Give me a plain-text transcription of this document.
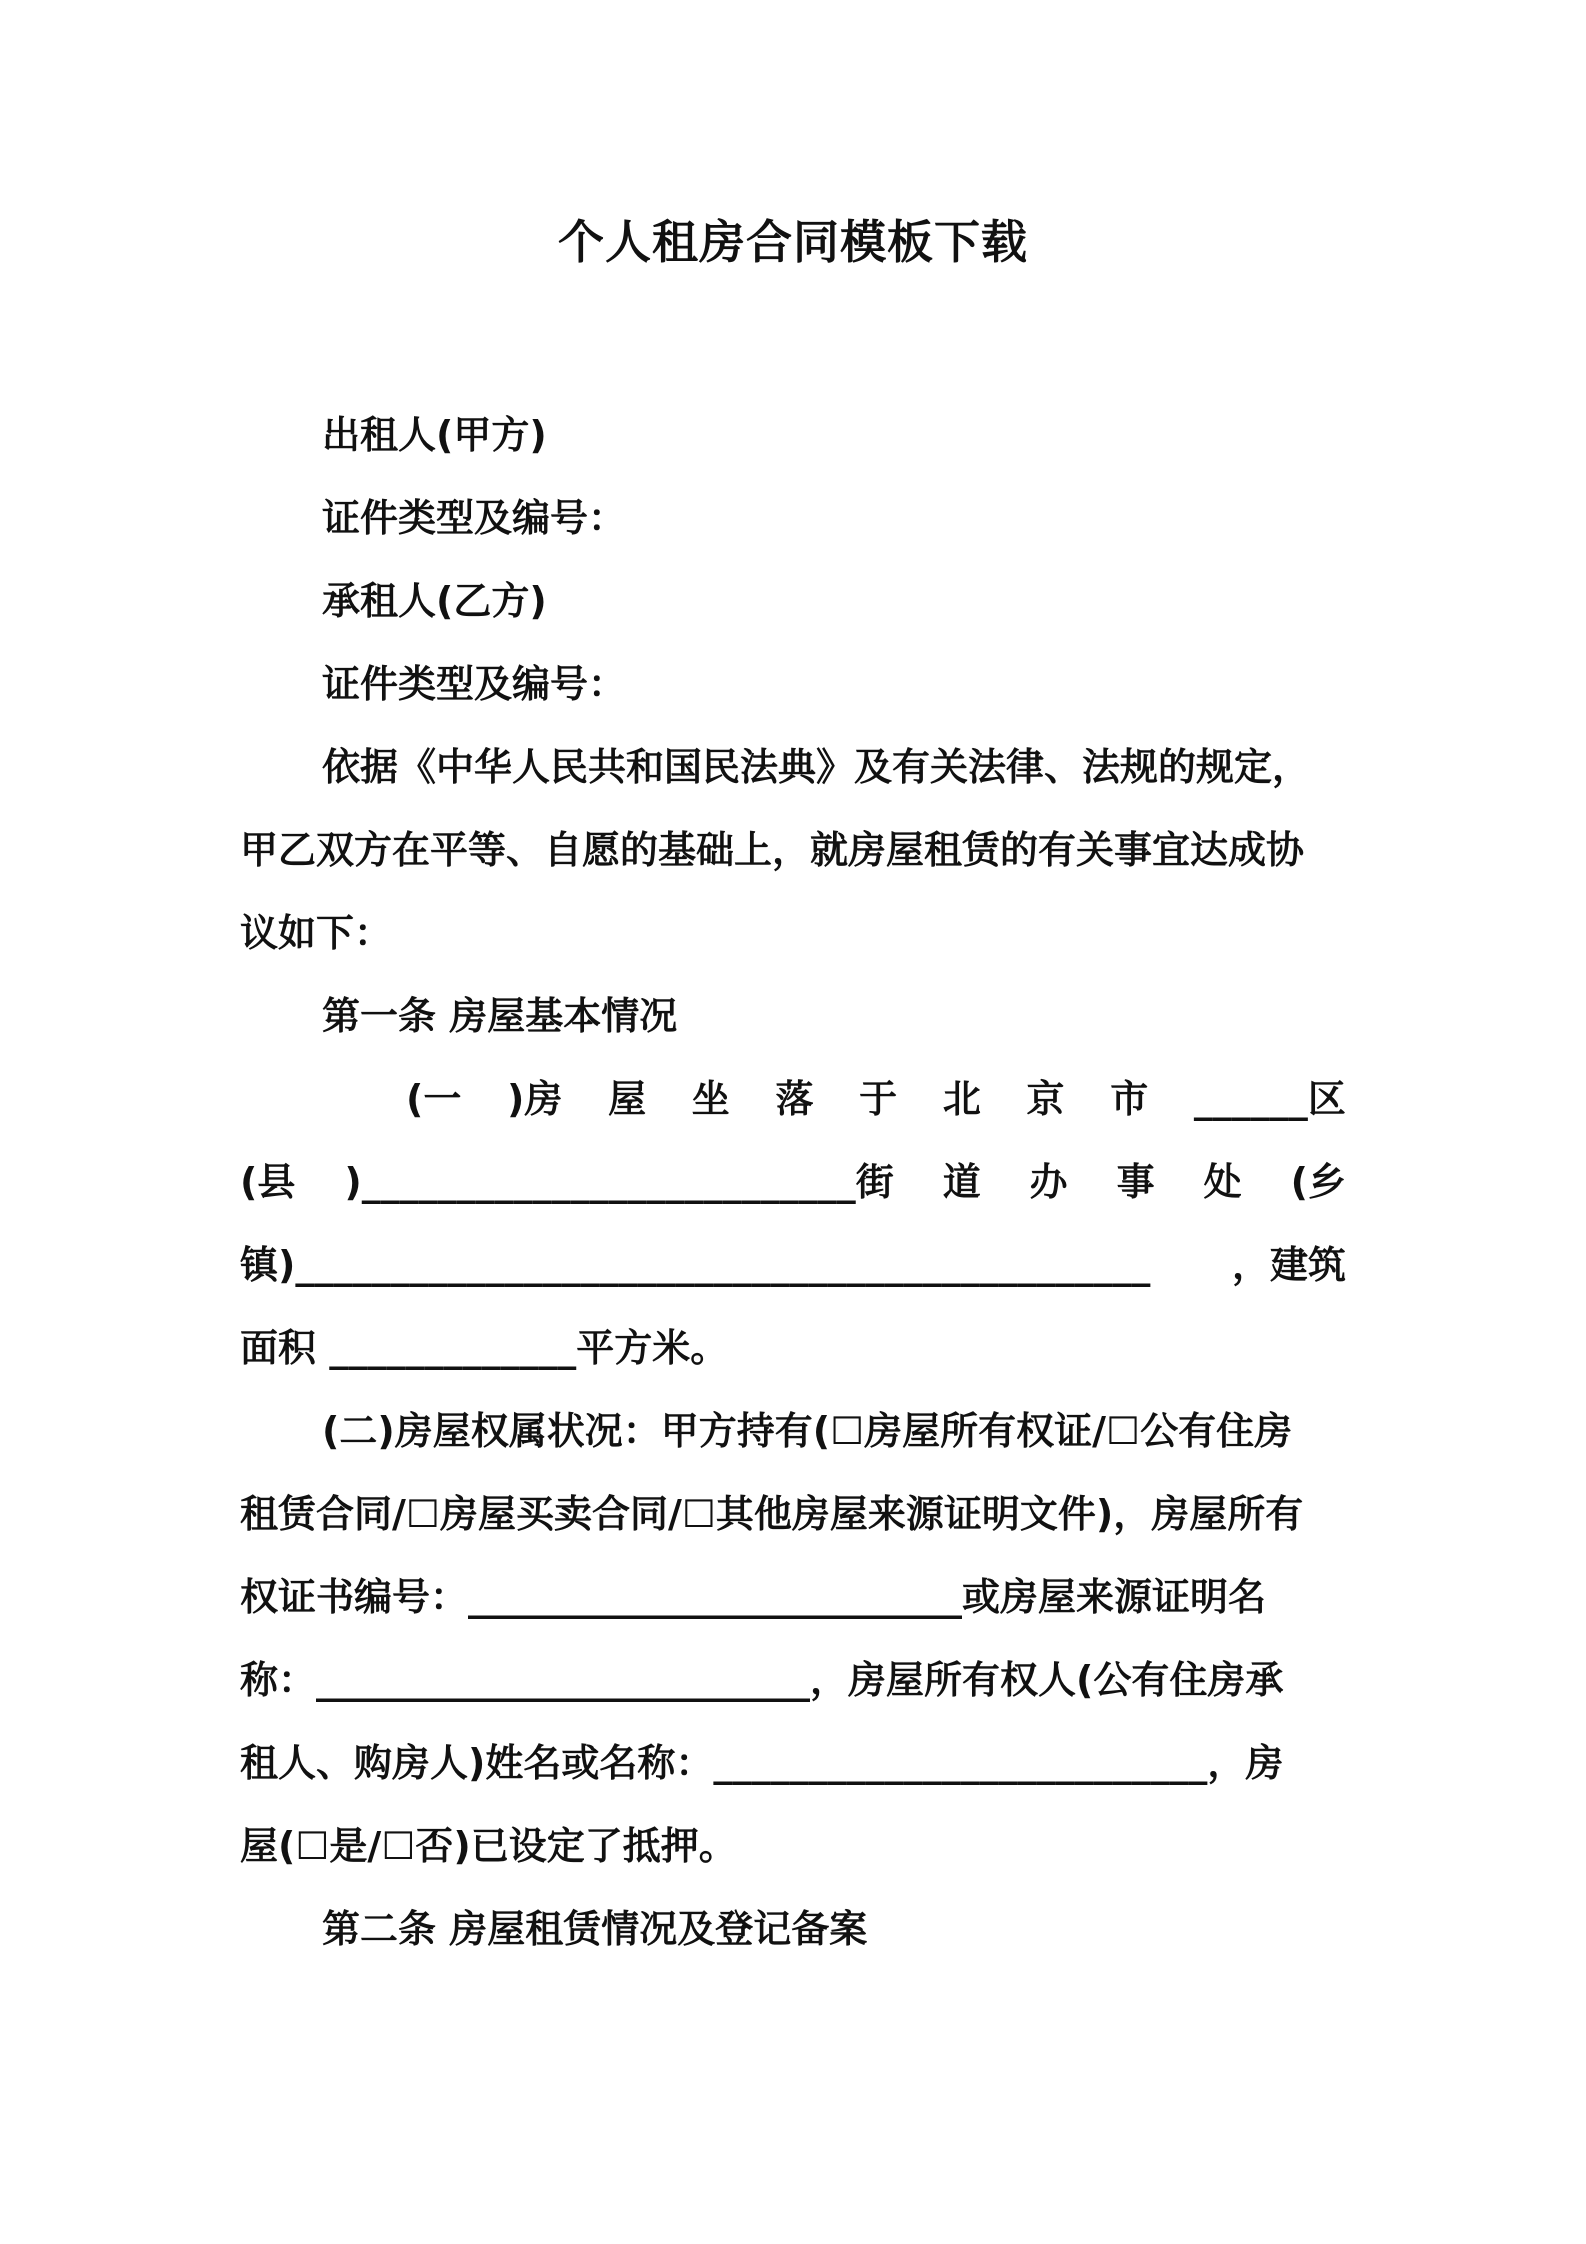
个人租房合同模板下载

出租人(甲方)

证件类型及编号：

承租人(乙方)

证件类型及编号：

依据《中华人民共和国民法典》及有关法律、法规的规定，

甲乙双方在平等、自愿的基础上，就房屋租赁的有关事宜达成协

议如下：

第一条 房屋基本情况

(一 )房 屋 坐 落 于 北 京 市 ______区

(县 )__________________________街 道 办 事 处 (乡

镇)_____________________________________________ ，建筑

面积 _____________平方米。

(二)房屋权属状况：甲方持有(☐房屋所有权证/☐公有住房

租赁合同/☐房屋买卖合同/☐其他房屋来源证明文件)，房屋所有

权证书编号：__________________________或房屋来源证明名

称：__________________________，房屋所有权人(公有住房承

租人、购房人)姓名或名称：__________________________，房

屋(☐是/☐否)已设定了抵押。

第二条 房屋租赁情况及登记备案
